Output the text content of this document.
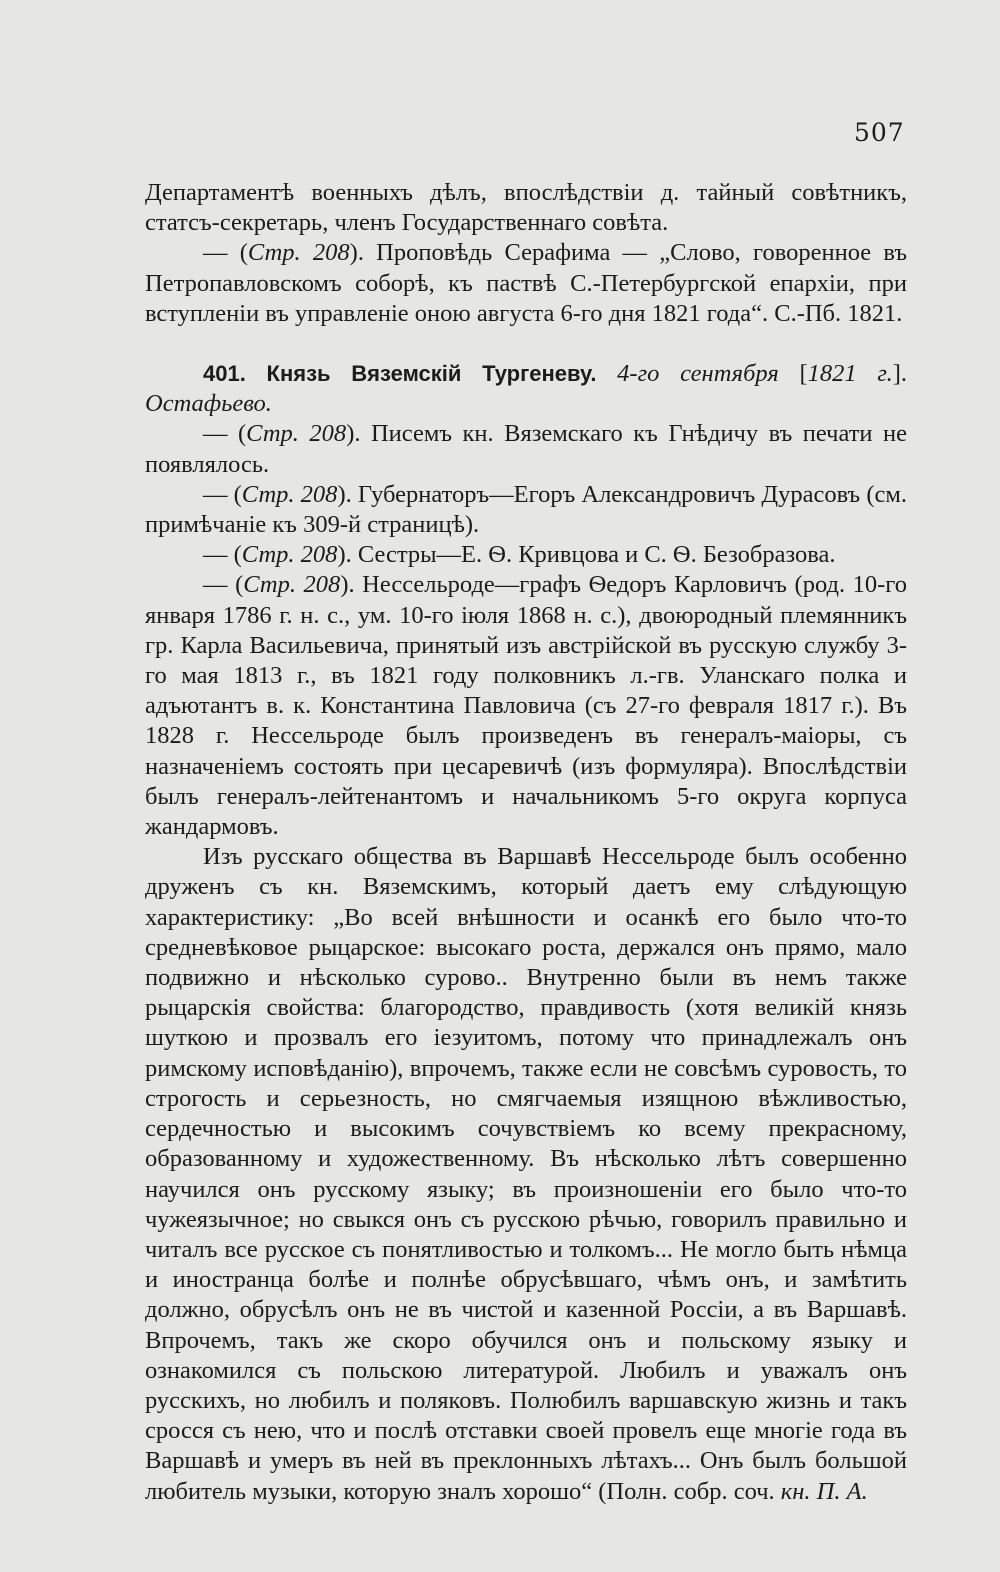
507

Департаментѣ военныхъ дѣлъ, впослѣдствіи д. тайный совѣтникъ, статсъ-секретарь, членъ Государственнаго совѣта.

— (Стр. 208). Проповѣдь Серафима — „Слово, говоренное въ Петропавловскомъ соборѣ, къ паствѣ С.-Петербургской епархіи, при вступленіи въ управленіе оною августа 6-го дня 1821 года“. С.-Пб. 1821.

401. Князь Вяземскій Тургеневу. 4-го сентября [1821 г.]. Остафьево.

— (Стр. 208). Писемъ кн. Вяземскаго къ Гнѣдичу въ печати не появлялось.

— (Стр. 208). Губернаторъ—Егоръ Александровичъ Дурасовъ (см. примѣчаніе къ 309-й страницѣ).

— (Стр. 208). Сестры—Е. Ѳ. Кривцова и С. Ѳ. Безобразова.

— (Стр. 208). Нессельроде—графъ Ѳедоръ Карловичъ (род. 10-го января 1786 г. н. с., ум. 10-го іюля 1868 н. с.), двоюродный племянникъ гр. Карла Васильевича, принятый изъ австрійской въ русскую службу 3-го мая 1813 г., въ 1821 году полковникъ л.-гв. Уланскаго полка и адъютантъ в. к. Константина Павловича (съ 27-го февраля 1817 г.). Въ 1828 г. Нессельроде былъ произведенъ въ генералъ-маіоры, съ назначеніемъ состоять при цесаревичѣ (изъ формуляра). Впослѣдствіи былъ генералъ-лейтенантомъ и начальникомъ 5-го округа корпуса жандармовъ.

Изъ русскаго общества въ Варшавѣ Нессельроде былъ особенно друженъ съ кн. Вяземскимъ, который даетъ ему слѣдующую характеристику: „Во всей внѣшности и осанкѣ его было что-то средневѣковое рыцарское: высокаго роста, держался онъ прямо, мало подвижно и нѣсколько сурово.. Внутренно были въ немъ также рыцарскія свойства: благородство, правдивость (хотя великій князь шуткою и прозвалъ его іезуитомъ, потому что принадлежалъ онъ римскому исповѣданію), впрочемъ, также если не совсѣмъ суровость, то строгость и серьезность, но смягчаемыя изящною вѣжливостью, сердечностью и высокимъ сочувствіемъ ко всему прекрасному, образованному и художественному. Въ нѣсколько лѣтъ совершенно научился онъ русскому языку; въ произношеніи его было что-то чужеязычное; но свыкся онъ съ русскою рѣчью, говорилъ правильно и читалъ все русское съ понятливостью и толкомъ... Не могло быть нѣмца и иностранца болѣе и полнѣе обрусѣвшаго, чѣмъ онъ, и замѣтить должно, обрусѣлъ онъ не въ чистой и казенной Россіи, а въ Варшавѣ. Впрочемъ, такъ же скоро обучился онъ и польскому языку и ознакомился съ польскою литературой. Любилъ и уважалъ онъ русскихъ, но любилъ и поляковъ. Полюбилъ варшавскую жизнь и такъ сросся съ нею, что и послѣ отставки своей провелъ еще многіе года въ Варшавѣ и умеръ въ ней въ преклонныхъ лѣтахъ... Онъ былъ большой любитель музыки, которую зналъ хорошо“ (Полн. собр. соч. кн. П. А.
